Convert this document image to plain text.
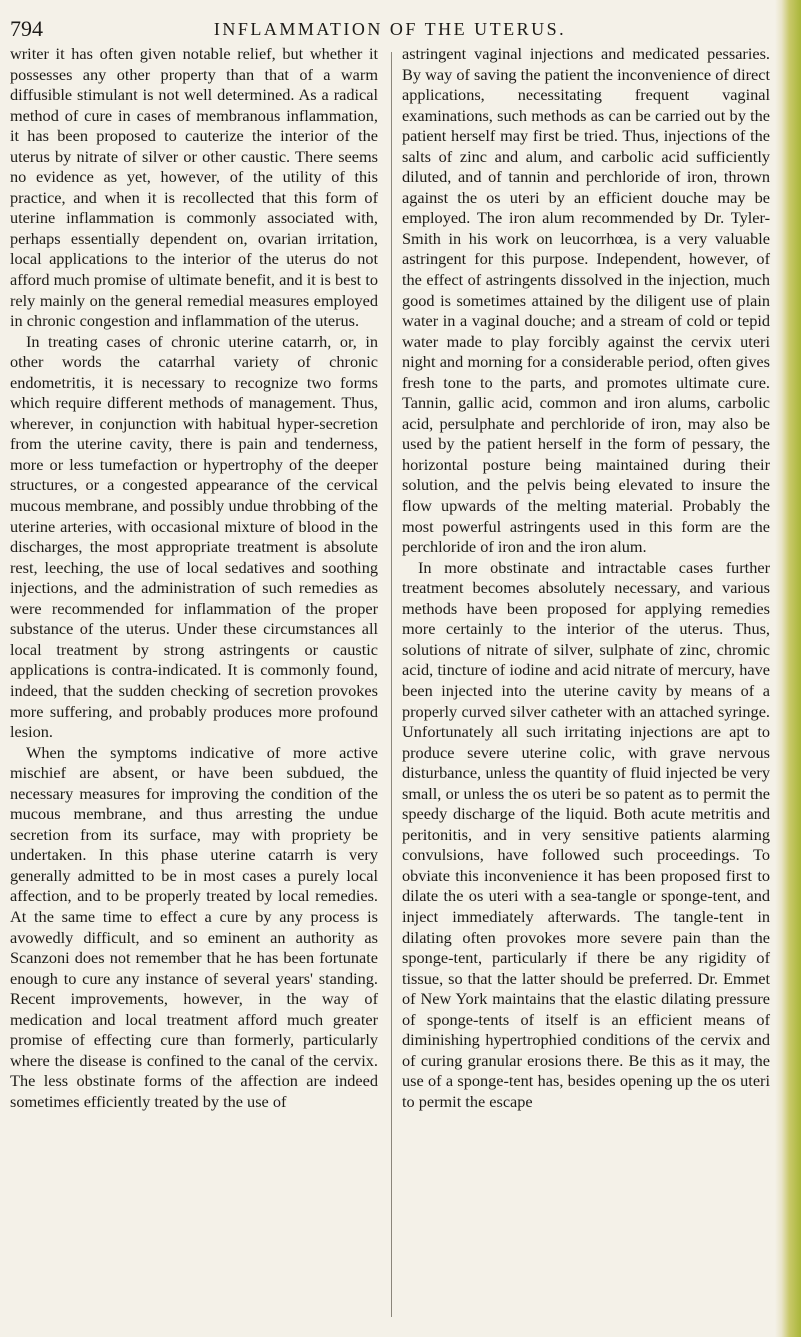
794	INFLAMMATION OF THE UTERUS.

writer it has often given notable relief, but whether it possesses any other property than that of a warm diffusible stimulant is not well determined. As a radical method of cure in cases of membranous inflammation, it has been proposed to cauterize the interior of the uterus by nitrate of silver or other caustic. There seems no evidence as yet, however, of the utility of this practice, and when it is recollected that this form of uterine inflammation is commonly associated with, perhaps essentially dependent on, ovarian irritation, local applications to the interior of the uterus do not afford much promise of ultimate benefit, and it is best to rely mainly on the general remedial measures employed in chronic congestion and inflammation of the uterus.

In treating cases of chronic uterine catarrh, or, in other words the catarrhal variety of chronic endometritis, it is necessary to recognize two forms which require different methods of management. Thus, wherever, in conjunction with habitual hyper-secretion from the uterine cavity, there is pain and tenderness, more or less tumefaction or hypertrophy of the deeper structures, or a congested appearance of the cervical mucous membrane, and possibly undue throbbing of the uterine arteries, with occasional mixture of blood in the discharges, the most appropriate treatment is absolute rest, leeching, the use of local sedatives and soothing injections, and the administration of such remedies as were recommended for inflammation of the proper substance of the uterus. Under these circumstances all local treatment by strong astringents or caustic applications is contra-indicated. It is commonly found, indeed, that the sudden checking of secretion provokes more suffering, and probably produces more profound lesion.

When the symptoms indicative of more active mischief are absent, or have been subdued, the necessary measures for improving the condition of the mucous membrane, and thus arresting the undue secretion from its surface, may with propriety be undertaken. In this phase uterine catarrh is very generally admitted to be in most cases a purely local affection, and to be properly treated by local remedies. At the same time to effect a cure by any process is avowedly difficult, and so eminent an authority as Scanzoni does not remember that he has been fortunate enough to cure any instance of several years' standing. Recent improvements, however, in the way of medication and local treatment afford much greater promise of effecting cure than formerly, particularly where the disease is confined to the canal of the cervix. The less obstinate forms of the affection are indeed sometimes efficiently treated by the use of

astringent vaginal injections and medicated pessaries. By way of saving the patient the inconvenience of direct applications, necessitating frequent vaginal examinations, such methods as can be carried out by the patient herself may first be tried. Thus, injections of the salts of zinc and alum, and carbolic acid sufficiently diluted, and of tannin and perchloride of iron, thrown against the os uteri by an efficient douche may be employed. The iron alum recommended by Dr. Tyler-Smith in his work on leucorrhœa, is a very valuable astringent for this purpose. Independent, however, of the effect of astringents dissolved in the injection, much good is sometimes attained by the diligent use of plain water in a vaginal douche; and a stream of cold or tepid water made to play forcibly against the cervix uteri night and morning for a considerable period, often gives fresh tone to the parts, and promotes ultimate cure. Tannin, gallic acid, common and iron alums, carbolic acid, persulphate and perchloride of iron, may also be used by the patient herself in the form of pessary, the horizontal posture being maintained during their solution, and the pelvis being elevated to insure the flow upwards of the melting material. Probably the most powerful astringents used in this form are the perchloride of iron and the iron alum.

In more obstinate and intractable cases further treatment becomes absolutely necessary, and various methods have been proposed for applying remedies more certainly to the interior of the uterus. Thus, solutions of nitrate of silver, sulphate of zinc, chromic acid, tincture of iodine and acid nitrate of mercury, have been injected into the uterine cavity by means of a properly curved silver catheter with an attached syringe. Unfortunately all such irritating injections are apt to produce severe uterine colic, with grave nervous disturbance, unless the quantity of fluid injected be very small, or unless the os uteri be so patent as to permit the speedy discharge of the liquid. Both acute metritis and peritonitis, and in very sensitive patients alarming convulsions, have followed such proceedings. To obviate this inconvenience it has been proposed first to dilate the os uteri with a sea-tangle or sponge-tent, and inject immediately afterwards. The tangle-tent in dilating often provokes more severe pain than the sponge-tent, particularly if there be any rigidity of tissue, so that the latter should be preferred. Dr. Emmet of New York maintains that the elastic dilating pressure of sponge-tents of itself is an efficient means of diminishing hypertrophied conditions of the cervix and of curing granular erosions there. Be this as it may, the use of a sponge-tent has, besides opening up the os uteri to permit the escape
